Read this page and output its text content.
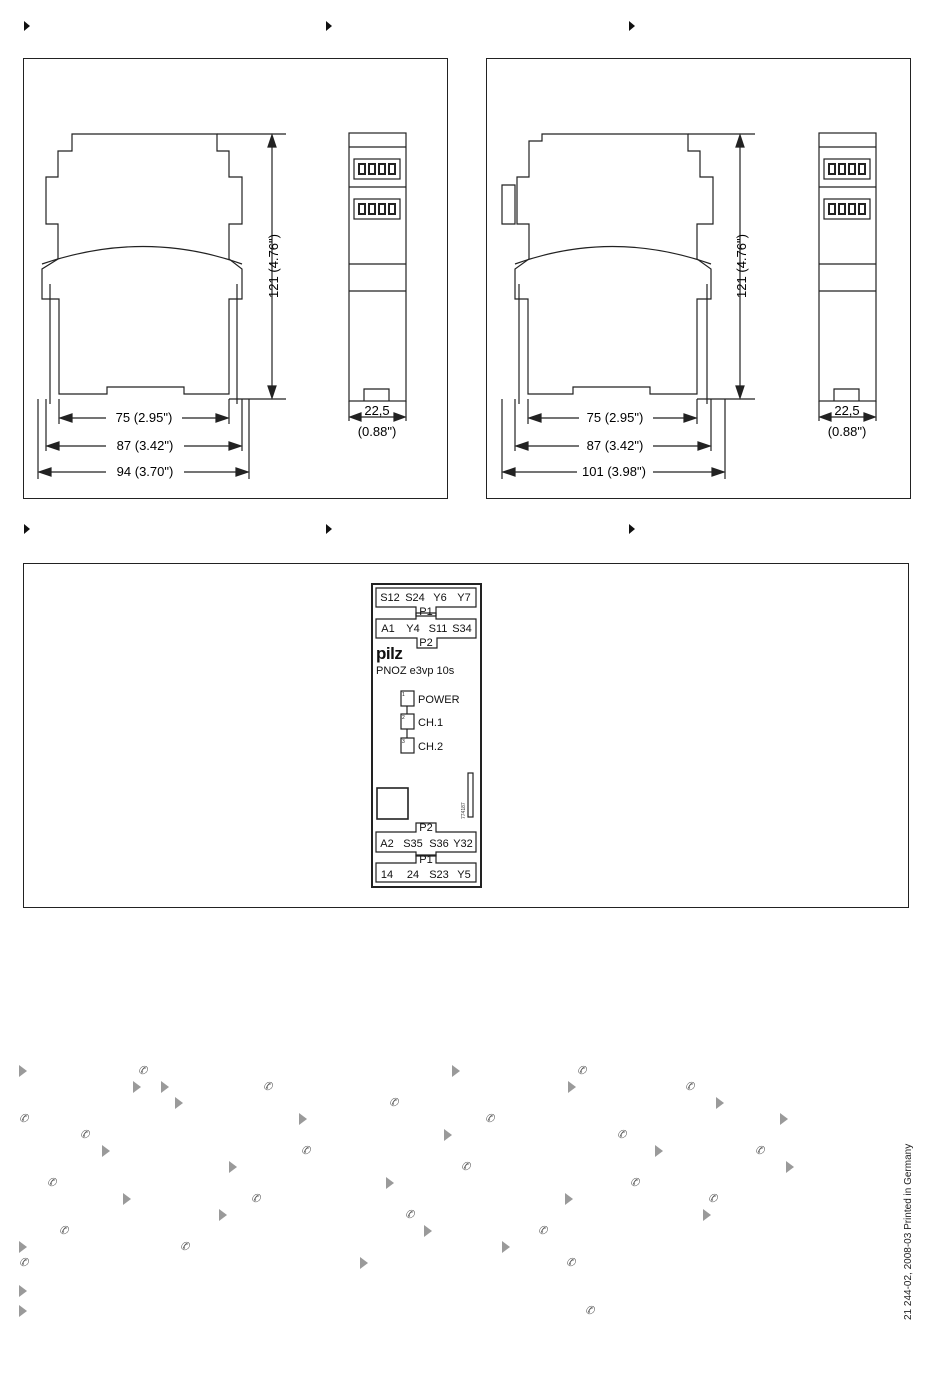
121 (4.76")
75 (2.95")
87 (3.42")
94 (3.70")
22,5
(0.88")
121 (4.76")
75 (2.95")
87 (3.42")
101 (3.98")
22,5
(0.88")
774187
S12 S24 Y6 Y7
P1
A1 Y4 S11 S34
P2
P2
A2 S35 S36 Y32
P1
14 24 S23 Y5
pilz
PNOZ e3vp 10s
1
2
3
POWER
CH.1
CH.2
✆	✆
✆	✆
✆
✆	✆
✆	✆
✆	✆
✆
✆	✆
✆	✆
✆
✆	✆
✆
✆	✆
✆	21 244-02, 2008-03 Printed in Germany
